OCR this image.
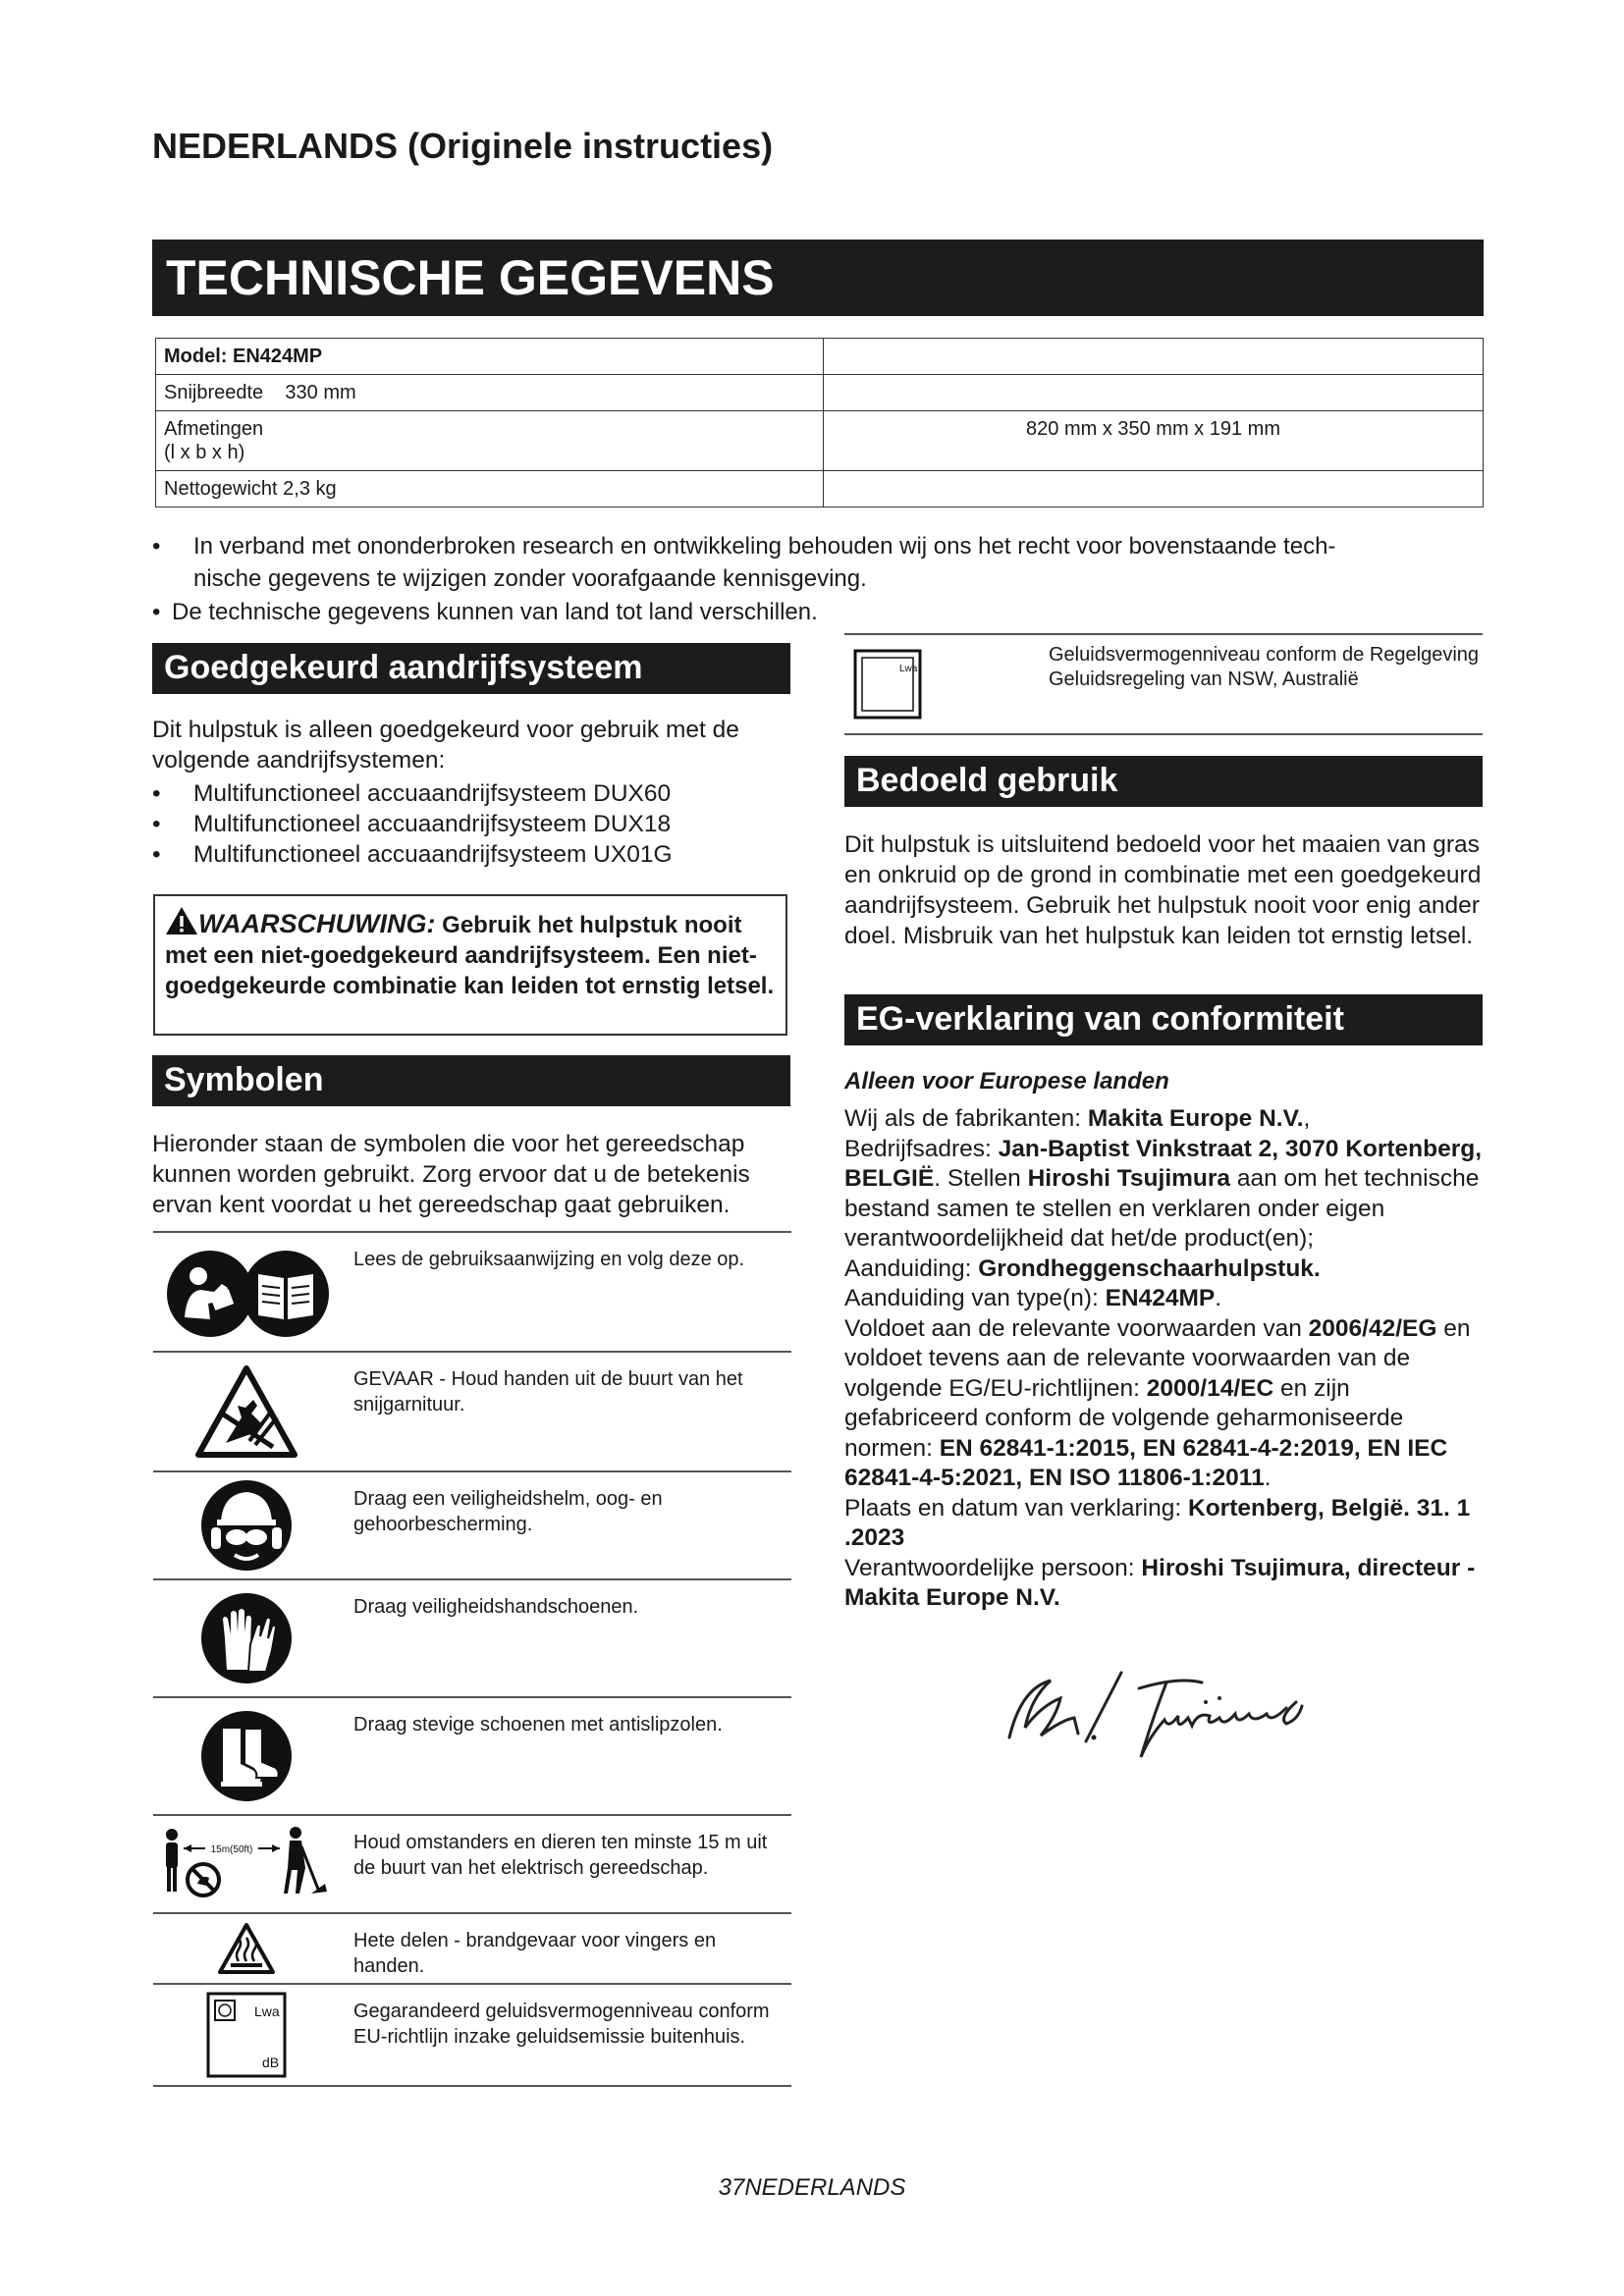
NEDERLANDS (Originele instructies)
TECHNISCHE GEGEVENS
Model: EN424MP	
Snijbreedte    330 mm	
Afmetingen
(l x b x h)	820 mm x 350 mm x 191 mm
Nettogewicht 2,3 kg	
• In verband met ononderbroken research en ontwikkeling behouden wij ons het recht voor bovenstaande tech-
nische gegevens te wijzigen zonder voorafgaande kennisgeving.
• De technische gegevens kunnen van land tot land verschillen.
Goedgekeurd aandrijfsysteem
Dit hulpstuk is alleen goedgekeurd voor gebruik met de volgende aandrijfsystemen:
• Multifunctioneel accuaandrijfsysteem DUX60
• Multifunctioneel accuaandrijfsysteem DUX18
• Multifunctioneel accuaandrijfsysteem UX01G
WAARSCHUWING: Gebruik het hulpstuk nooit met een niet-goedgekeurd aandrijfsysteem. Een niet-goedgekeurde combinatie kan leiden tot ernstig letsel.
Symbolen
Hieronder staan de symbolen die voor het gereedschap kunnen worden gebruikt. Zorg ervoor dat u de betekenis ervan kent voordat u het gereedschap gaat gebruiken.
Lees de gebruiksaanwijzing en volg deze op.
GEVAAR - Houd handen uit de buurt van het snijgarnituur.
Draag een veiligheidshelm, oog- en gehoorbescherming.
Draag veiligheidshandschoenen.
Draag stevige schoenen met antislipzolen.
15m(50ft)	Houd omstanders en dieren ten minste 15 m uit de buurt van het elektrisch gereedschap.
Hete delen - brandgevaar voor vingers en handen.
Lwa
dB
Gegarandeerd geluidsvermogenniveau conform EU-richtlijn inzake geluidsemissie buitenhuis.
Lwa
Geluidsvermogenniveau conform de Regelgeving Geluidsregeling van NSW, Australië
Bedoeld gebruik
Dit hulpstuk is uitsluitend bedoeld voor het maaien van gras en onkruid op de grond in combinatie met een goedgekeurd aandrijfsysteem. Gebruik het hulpstuk nooit voor enig ander doel. Misbruik van het hulpstuk kan leiden tot ernstig letsel.
EG-verklaring van conformiteit
Alleen voor Europese landen
Wij als de fabrikanten: Makita Europe N.V.,
Bedrijfsadres: Jan-Baptist Vinkstraat 2, 3070 Kortenberg, BELGIË. Stellen Hiroshi Tsujimura aan om het technische bestand samen te stellen en verklaren onder eigen verantwoordelijkheid dat het/de product(en);
Aanduiding: Grondheggenschaarhulpstuk.
Aanduiding van type(n): EN424MP.
Voldoet aan de relevante voorwaarden van 2006/42/EG en voldoet tevens aan de relevante voorwaarden van de volgende EG/EU-richtlijnen: 2000/14/EC en zijn gefabriceerd conform de volgende geharmoniseerde normen: EN 62841-1:2015, EN 62841-4-2:2019, EN IEC 62841-4-5:2021, EN ISO 11806-1:2011.
Plaats en datum van verklaring: Kortenberg, België. 31. 1 .2023
Verantwoordelijke persoon: Hiroshi Tsujimura, directeur - Makita Europe N.V.
37NEDERLANDS
